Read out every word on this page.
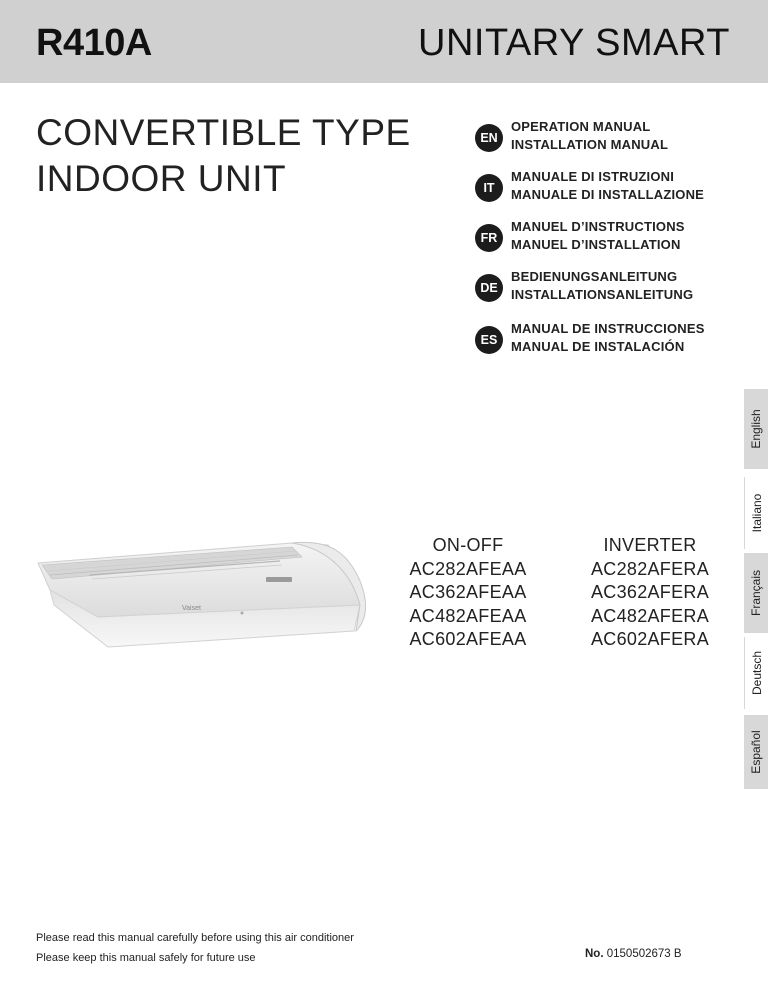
R410A	UNITARY SMART
CONVERTIBLE TYPE
INDOOR UNIT
EN
OPERATION MANUAL
INSTALLATION MANUAL
IT
MANUALE DI ISTRUZIONI
MANUALE DI INSTALLAZIONE
FR
MANUEL D’INSTRUCTIONS
MANUEL D’INSTALLATION
DE
BEDIENUNGSANLEITUNG
INSTALLATIONSANLEITUNG
ES
MANUAL DE INSTRUCCIONES
MANUAL DE INSTALACIÓN
English
Italiano
Français
Deutsch
Español
Vaiset
ON-OFF
AC282AFEAA
AC362AFEAA
AC482AFEAA
AC602AFEAA
INVERTER
AC282AFERA
AC362AFERA
AC482AFERA
AC602AFERA
Please read this manual carefully before using this air conditioner
Please keep this manual safely for future use	No. 0150502673 B
